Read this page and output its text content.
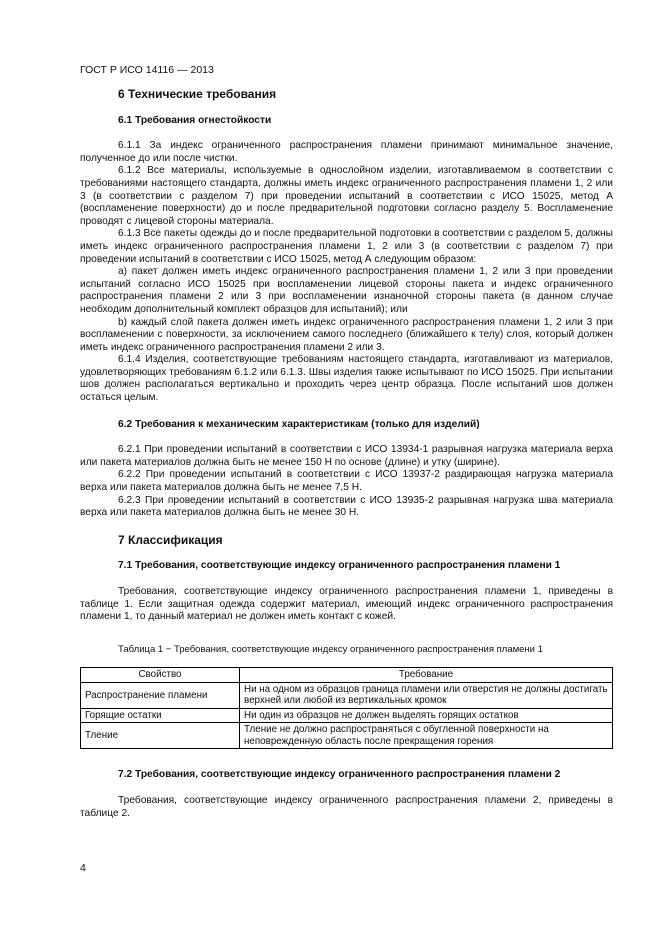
ГОСТ Р ИСО 14116 — 2013
6 Технические требования
6.1 Требования огнестойкости

6.1.1 За индекс ограниченного распространения пламени принимают минимальное значение, полученное до или после чистки.

6.1.2 Все материалы, используемые в однослойном изделии, изготавливаемом в соответствии с требованиями настоящего стандарта, должны иметь индекс ограниченного распространения пламени 1, 2 или 3 (в соответствии с разделом 7) при проведении испытаний в соответствии с ИСО 15025, метод А (воспламенение поверхности) до и после предварительной подготовки согласно разделу 5. Воспламенение проводят с лицевой стороны материала.

6.1.3 Все пакеты одежды до и после предварительной подготовки в соответствии с разделом 5, должны иметь индекс ограниченного распространения пламени 1, 2 или 3 (в соответствии с разделом 7) при проведении испытаний в соответствии с ИСО 15025, метод А следующим образом:

а) пакет должен иметь индекс ограниченного распространения пламени 1, 2 или 3 при проведении испытаний согласно ИСО 15025 при воспламенении лицевой стороны пакета и индекс ограниченного распространения пламени 2 или 3 при воспламенении изнаночной стороны пакета (в данном случае необходим дополнительный комплект образцов для испытаний); или

b) каждый слой пакета должен иметь индекс ограниченного распространения пламени 1, 2 или 3 при воспламенении с поверхности, за исключением самого последнего (ближайшего к телу) слоя, который должен иметь индекс ограниченного распространения пламени 2 или 3.

6.1.4 Изделия, соответствующие требованиям настоящего стандарта, изготавливают из материалов, удовлетворяющих требованиям 6.1.2 или 6.1.3. Швы изделия также испытывают по ИСО 15025. При испытании шов должен располагаться вертикально и проходить через центр образца. После испытаний шов должен остаться целым.

6.2 Требования к механическим характеристикам (только для изделий)

6.2.1 При проведении испытаний в соответствии с ИСО 13934-1 разрывная нагрузка материала верха или пакета материалов должна быть не менее 150 Н по основе (длине) и утку (ширине).

6.2.2 При проведении испытаний в соответствии с ИСО 13937-2 раздирающая нагрузка материала верха или пакета материалов должна быть не менее 7,5 Н.

6.2.3 При проведении испытаний в соответствии с ИСО 13935-2 разрывная нагрузка шва материала верха или пакета материалов должна быть не менее 30 Н.

7 Классификация
7.1 Требования, соответствующие индексу ограниченного распространения пламени 1

Требования, соответствующие индексу ограниченного распространения пламени 1, приведены в таблице 1. Если защитная одежда содержит материал, имеющий индекс ограниченного распространения пламени 1, то данный материал не должен иметь контакт с кожей.

Таблица 1 − Требования, соответствующие индексу ограниченного распространения пламени 1
Свойство	Требование
Распространение пламени	Ни на одном из образцов граница пламени или отверстия не должны достигать верхней или любой из вертикальных кромок
Горящие остатки	Ни один из образцов не должен выделять горящих остатков
Тление	Тление не должно распространяться с обугленной поверхности на неповрежденную область после прекращения горения
7.2 Требования, соответствующие индексу ограниченного распространения пламени 2

Требования, соответствующие индексу ограниченного распространения пламени 2, приведены в таблице 2.

4
